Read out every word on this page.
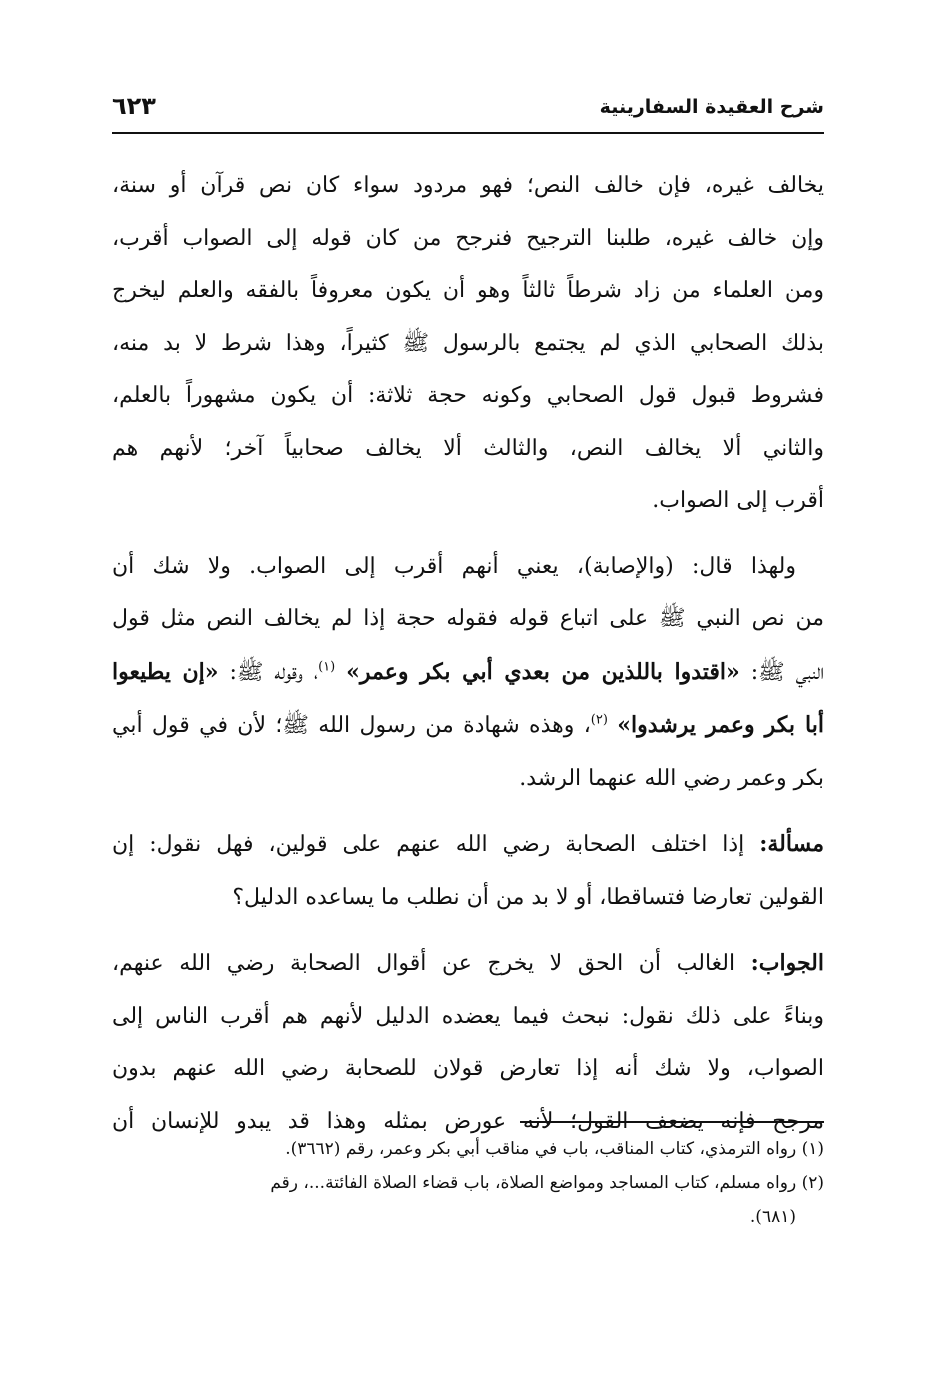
شرح العقيدة السفارينية
٦٢٣
يخالف غيره، فإن خالف النص؛ فهو مردود سواء كان نص قرآن أو سنة،
وإن خالف غيره، طلبنا الترجيح فنرجح من كان قوله إلى الصواب أقرب،
ومن العلماء من زاد شرطاً ثالثاً وهو أن يكون معروفاً بالفقه والعلم ليخرج
بذلك الصحابي الذي لم يجتمع بالرسول ﷺ كثيراً، وهذا شرط لا بد منه،
فشروط قبول قول الصحابي وكونه حجة ثلاثة: أن يكون مشهوراً بالعلم،
والثاني ألا يخالف النص، والثالث ألا يخالف صحابياً آخر؛ لأنهم هم
أقرب إلى الصواب.
ولهذا قال: (والإصابة)، يعني أنهم أقرب إلى الصواب. ولا شك أن
من نص النبي ﷺ على اتباع قوله فقوله حجة إذا لم يخالف النص مثل قول
النبي ﷺ: «اقتدوا باللذين من بعدي أبي بكر وعمر» $^{(١)}$، وقوله ﷺ: «إن يطيعوا
أبا بكر وعمر يرشدوا» $^{(٢)}$، وهذه شهادة من رسول الله ﷺ؛ لأن في قول أبي
بكر وعمر رضي الله عنهما الرشد.
مسألة: إذا اختلف الصحابة رضي الله عنهم على قولين، فهل نقول: إن
القولين تعارضا فتساقطا، أو لا بد من أن نطلب ما يساعده الدليل؟
الجواب: الغالب أن الحق لا يخرج عن أقوال الصحابة رضي الله عنهم،
وبناءً على ذلك نقول: نبحث فيما يعضده الدليل لأنهم هم أقرب الناس إلى
الصواب، ولا شك أنه إذا تعارض قولان للصحابة رضي الله عنهم بدون
مرجح فإنه يضعف القول؛ لأنه عورض بمثله وهذا قد يبدو للإنسان أن
(١) رواه الترمذي، كتاب المناقب، باب في مناقب أبي بكر وعمر، رقم (٣٦٦٢).
(٢) رواه مسلم، كتاب المساجد ومواضع الصلاة، باب قضاء الصلاة الفائتة...، رقم
(٦٨١).
